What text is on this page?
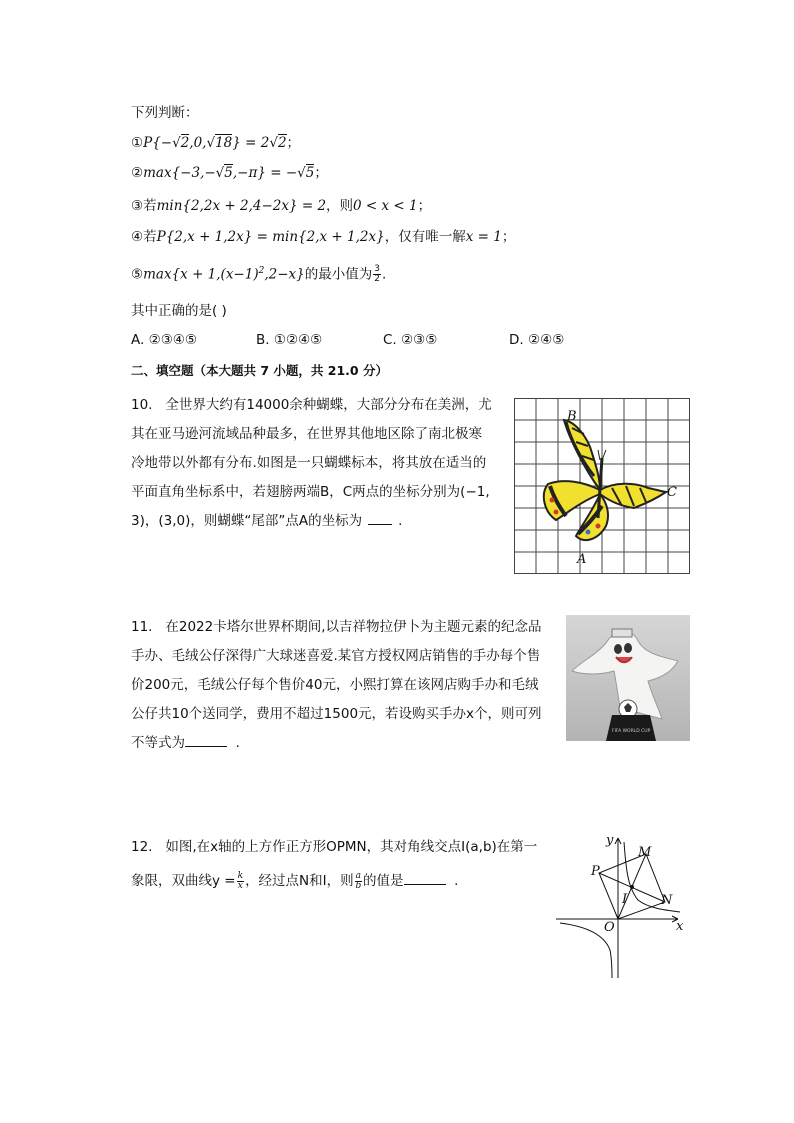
下列判断：
①P{−√2,0,√18} = 2√2；
②max{−3,−√5,−π} = −√5；
③若min{2,2x + 2,4−2x} = 2，则0 < x < 1；
④若P{2,x + 1,2x} = min{2,x + 1,2x}，仅有唯一解x = 1；
⑤max{x + $1,(x-1)^2,2-x$}的最小值为 $\frac{3}{2}$ .
其中正确的是( )
A. ②③④⑤	B. ①②④⑤	C. ②③⑤	D. ②④⑤
二、填空题（本大题共 7 小题，共 21.0 分）
10. 全世界大约有14000余种蝴蝶，大部分分布在美洲，尤
其在亚马逊河流域品种最多，在世界其他地区除了南北极寒
冷地带以外都有分布.如图是一只蝴蝶标本，将其放在适当的
平面直角坐标系中，若翅膀两端B，C两点的坐标分别为(−1,
3)，(3,0)，则蝴蝶“尾部”点A的坐标为	.
B
C
A
11. 在2022卡塔尔世界杯期间,以吉祥物拉伊卜为主题元素的纪念品
手办、毛绒公仔深得广大球迷喜爱.某官方授权网店销售的手办每个售
价200元，毛绒公仔每个售价40元，小熙打算在该网店购手办和毛绒
公仔共10个送同学，费用不超过1500元，若设购买手办x个，则可列
不等式为	.
FIFA WORLD CUP
12. 如图,在x轴的上方作正方形OPMN，其对角线交点I(a,b)在第一
象限，双曲线$y = \frac{k}{x}$ ，经过点N和I，则 $\frac{a}{b}$ 的值是	.
y
x
O
P
M
N
I
